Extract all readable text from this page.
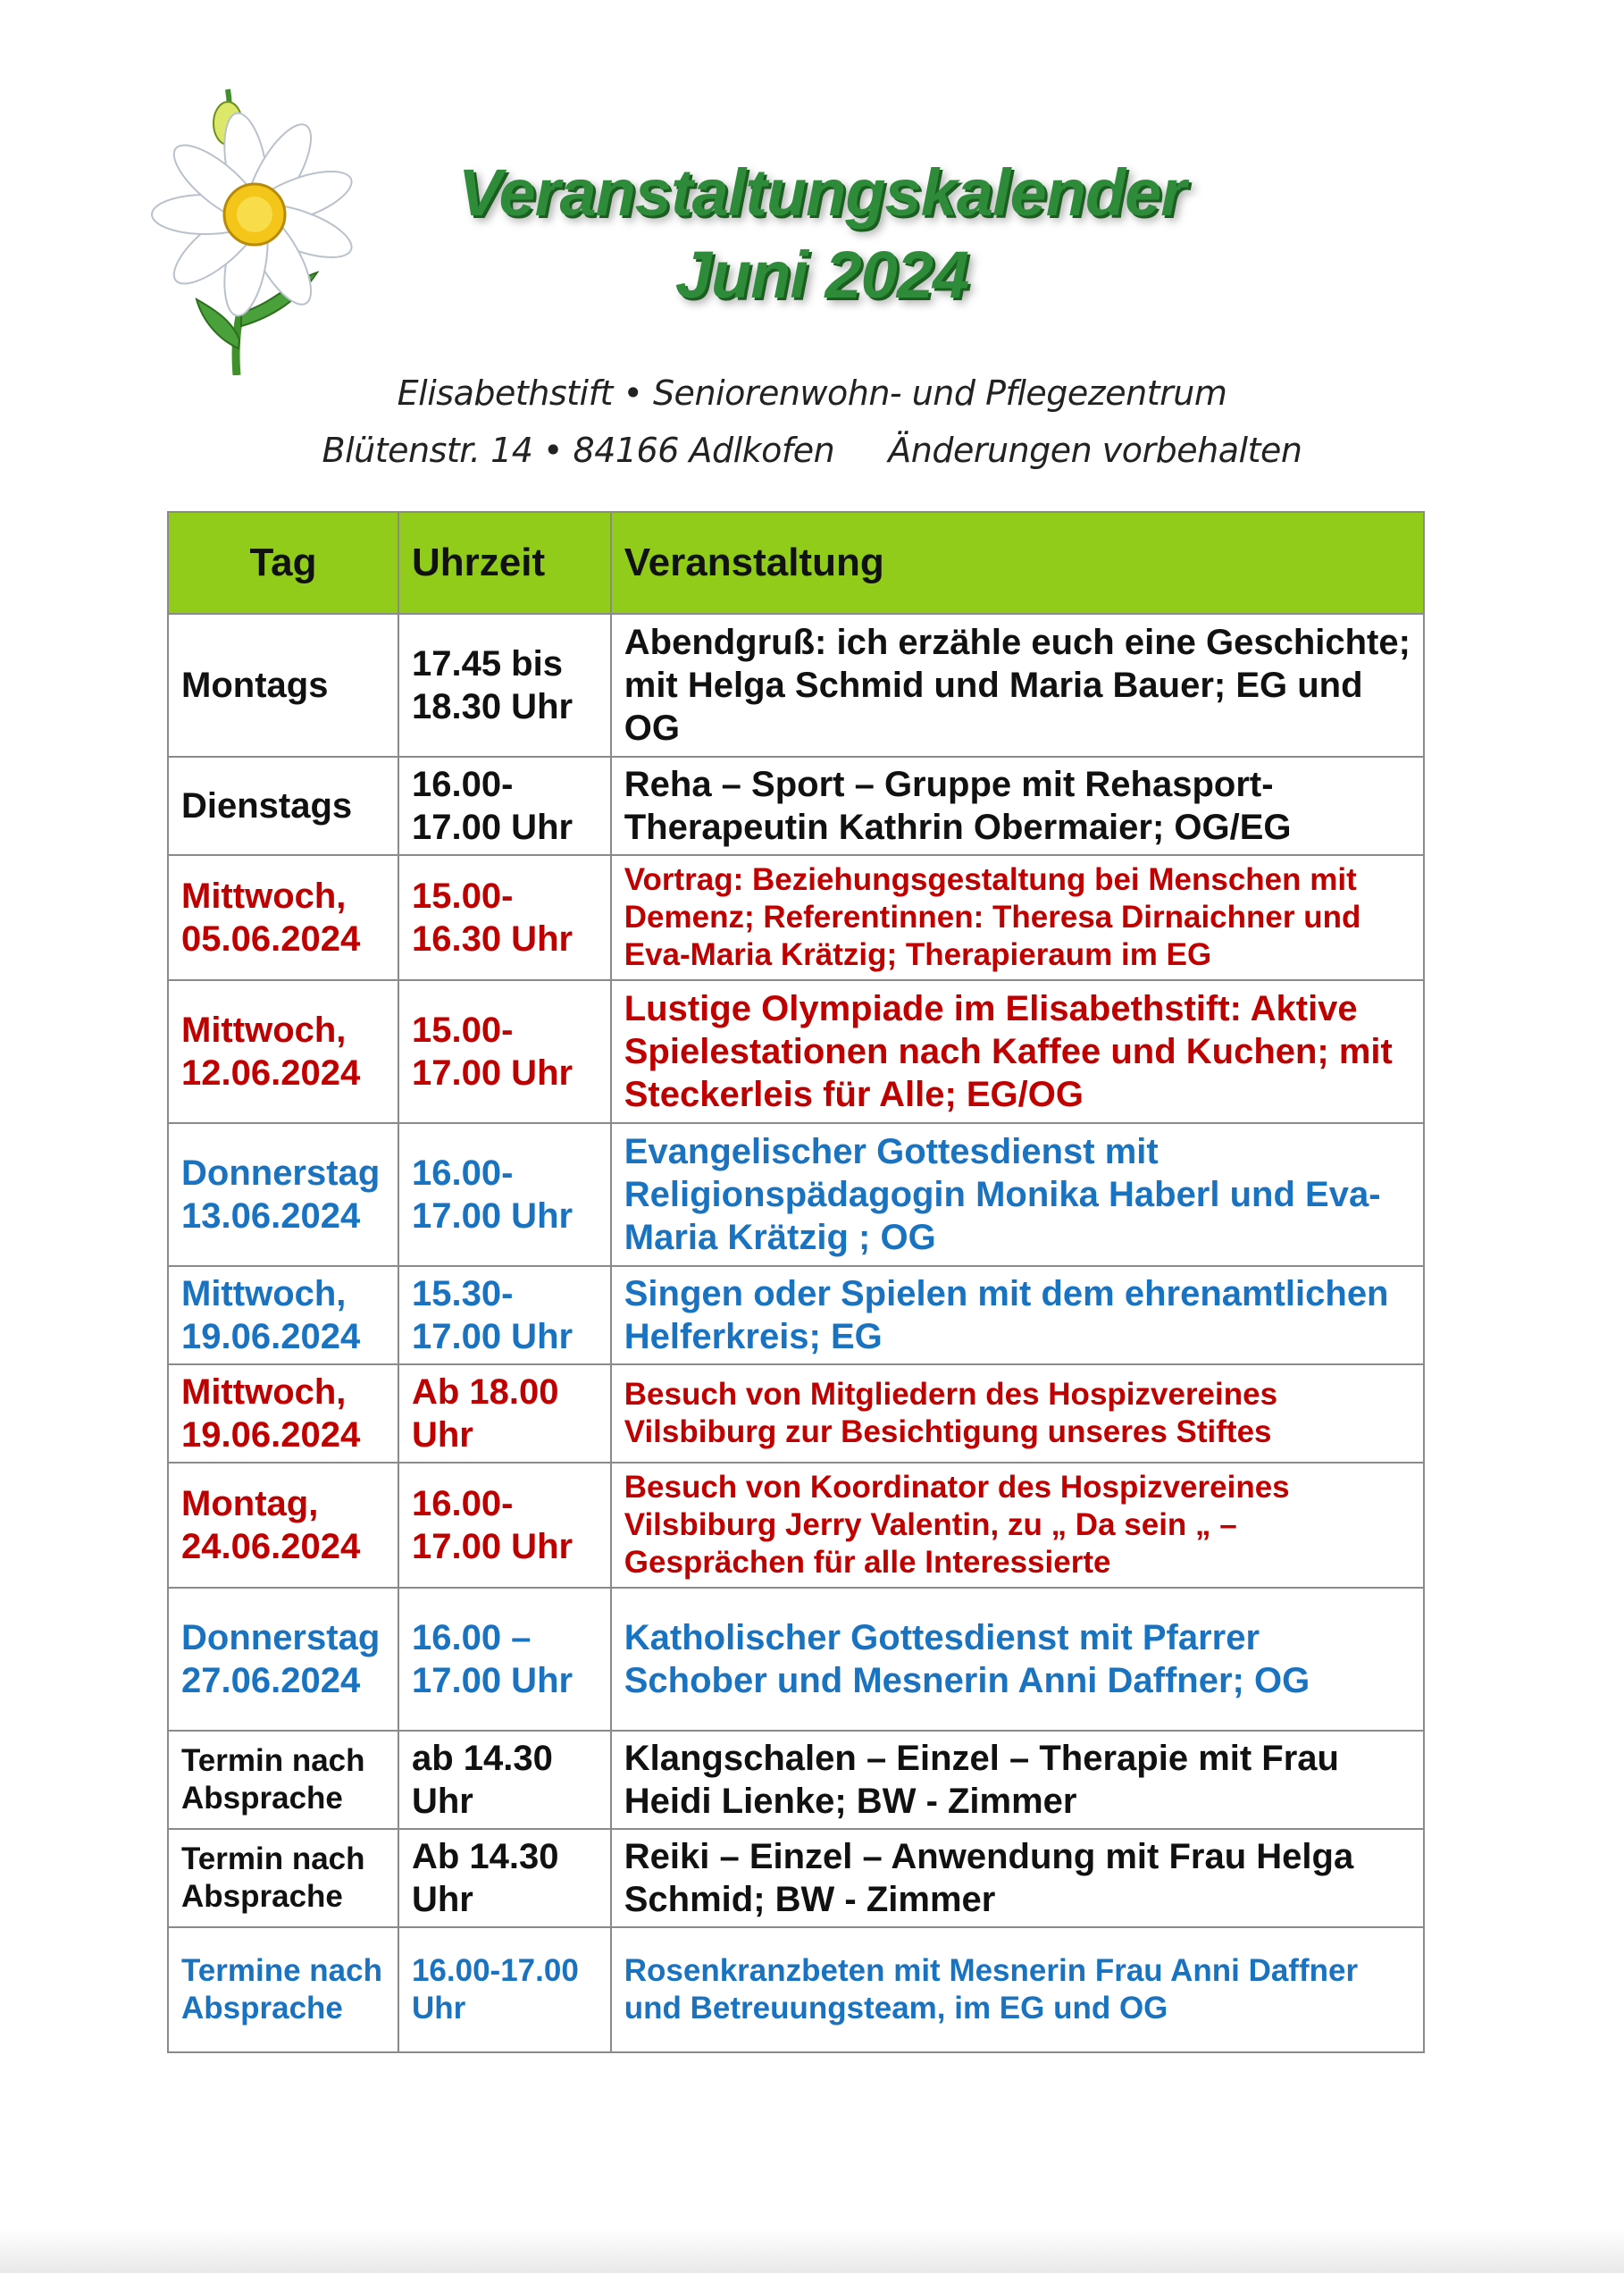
Veranstaltungskalender
Juni 2024
Elisabethstift • Seniorenwohn- und Pflegezentrum
Blütenstr. 14 • 84166 Adlkofen Änderungen vorbehalten
Tag	Uhrzeit	Veranstaltung
Montags	17.45 bis 18.30 Uhr	Abendgruß: ich erzähle euch eine Geschichte; mit Helga Schmid und Maria Bauer; EG und OG
Dienstags	16.00-17.00 Uhr	Reha – Sport – Gruppe mit Rehasport-Therapeutin Kathrin Obermaier; OG/EG
Mittwoch, 05.06.2024	15.00-16.30 Uhr	Vortrag: Beziehungsgestaltung bei Menschen mit Demenz; Referentinnen: Theresa Dirnaichner und Eva-Maria Krätzig; Therapieraum im EG
Mittwoch, 12.06.2024	15.00-17.00 Uhr	Lustige Olympiade im Elisabethstift: Aktive Spielestationen nach Kaffee und Kuchen; mit Steckerleis für Alle; EG/OG
Donnerstag 13.06.2024	16.00-17.00 Uhr	Evangelischer Gottesdienst mit Religionspädagogin Monika Haberl und Eva-Maria Krätzig ; OG
Mittwoch, 19.06.2024	15.30-17.00 Uhr	Singen oder Spielen mit dem ehrenamtlichen Helferkreis; EG
Mittwoch, 19.06.2024	Ab 18.00 Uhr	Besuch von Mitgliedern des Hospizvereines Vilsbiburg zur Besichtigung unseres Stiftes
Montag, 24.06.2024	16.00-17.00 Uhr	Besuch von Koordinator des Hospizvereines Vilsbiburg Jerry Valentin, zu „ Da sein „ – Gesprächen für alle Interessierte
Donnerstag 27.06.2024	16.00 – 17.00 Uhr	Katholischer Gottesdienst mit Pfarrer Schober und Mesnerin Anni Daffner; OG
Termin nach Absprache	ab 14.30 Uhr	Klangschalen – Einzel – Therapie mit Frau Heidi Lienke; BW - Zimmer
Termin nach Absprache	Ab 14.30 Uhr	Reiki – Einzel – Anwendung mit Frau Helga Schmid; BW - Zimmer
Termine nach Absprache	16.00-17.00 Uhr	Rosenkranzbeten mit Mesnerin Frau Anni Daffner und Betreuungsteam, im EG und OG
